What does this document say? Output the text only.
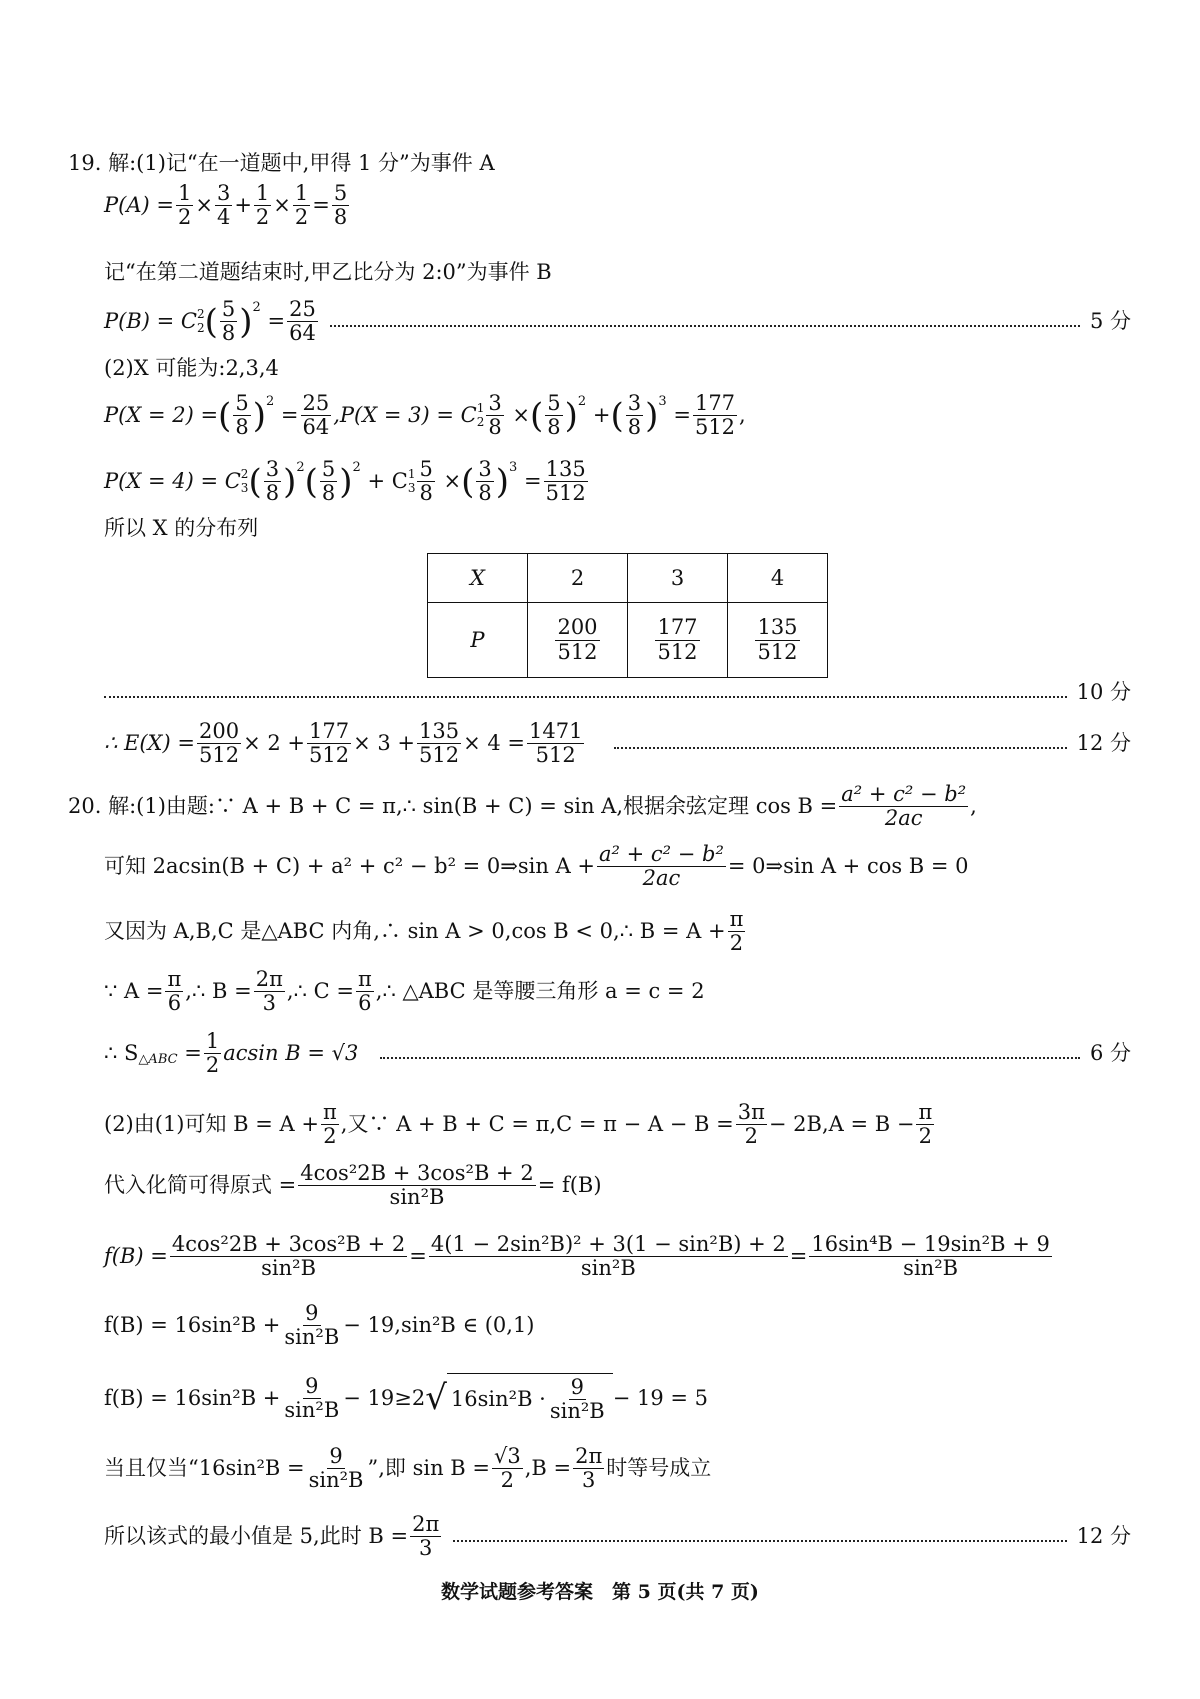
19.
解:(1)记“在一道题中,甲得 1 分”为事件 A
$P(A) = \frac{1}{2} \times \frac{3}{4} + \frac{1}{2} \times \frac{1}{2} = \frac{5}{8}$
记“在第二道题结束时,甲乙比分为 2:0”为事件 B
P(B) = C 2
2 ( 5
8 )$^2$
= $\frac{25}{64}$	5 分
(2)X 可能为:2,3,4
P(X = 2) = ( 5
8 )$^2$
= $\frac{25}{64} ,P(X = 3) = C$ 1
$2 \frac{3}{8}$ × ( 5
8 )$^2$
+ ( 3
8 )$^3$
= $\frac{177}{512}$ ,
P(X = 4) = C 2
3 ( 3
8 )$^2$ ( 5
8 )$^2$
+ C 1
$3 \frac{5}{8}$ × ( 3
8 )$^3$
= $\frac{135}{512}$
所以 X 的分布列
X	2	3	4
P	$\frac{200}{512}$	$\frac{177}{512}$	$\frac{135}{512}$
10 分
∴ $E(X) = \frac{200}{512} \times 2 + \frac{177}{512} \times 3 + \frac{135}{512} \times 4 = \frac{1471}{512}$	12 分
20.
解:(1)由题:∵ A + B + C = π,∴ sin(B + C) = sin A,根据余弦定理 $\cos B = \frac{\text{a² + c² − b²}}{2ac}$ ,
可知 2acsin(B + C) + a² + c² − b² = 0⇒sin $A + \frac{\text{a² + c² − b²}}{2ac}$ = 0⇒sin A + cos B = 0
又因为 A,B,C 是△ABC 内角,∴ sin A > 0,cos B < 0,∴ $B = A + \frac{\pi}{2}$
∵ $A = \frac{\pi}{6}$ ,∴ $B = \frac{2\pi}{3}$ ,∴ $C = \frac{\pi}{6}$ ,∴ △ABC 是等腰三角形 a = c = 2
∴ $S_{\triangle ABC}$
= $\frac{1}{2}$ acsin B = √3	6 分
(2)由(1)可知 $B = A + \frac{\pi}{2}$ ,又∵ $A + B + C = \pi,C = \pi - A - B = \frac{3\pi}{2} - 2B,A = B - \frac{\pi}{2}$
代入化简可得原式 = $\frac{\text{4cos²2B + 3cos²B + 2}}{\text{sin²B}} = f(B)$
$f(B) = \frac{\text{4cos²2B + 3cos²B + 2}}{\text{sin²B}} = \frac{\text{4(1 − 2sin²B)² + 3(1 − sin²B) + 2}}{\text{sin²B}} = \frac{\text{16sin⁴B − 19sin²B + 9}}{\text{sin²B}}$
$f(B) = 16\sin^2B + \frac{9}{\text{sin²B}} - 19,\sin^2B$ ∈ (0,1)
$f(B) = 16\sin^2B + \frac{9}{\text{sin²B}} - 19\ge 2$ √ 16sin²B ·
9
sin²B
− 19 = 5
当且仅当“$16\sin^2B = \frac{9}{\text{sin²B}}$ ”,即 $\sin B = \frac{√3}{2} ,B = \frac{2\pi}{3}$ 时等号成立
所以该式的最小值是 5,此时 $B = \frac{2\pi}{3}$	12 分
数学试题参考答案　第 5 页(共 7 页)
